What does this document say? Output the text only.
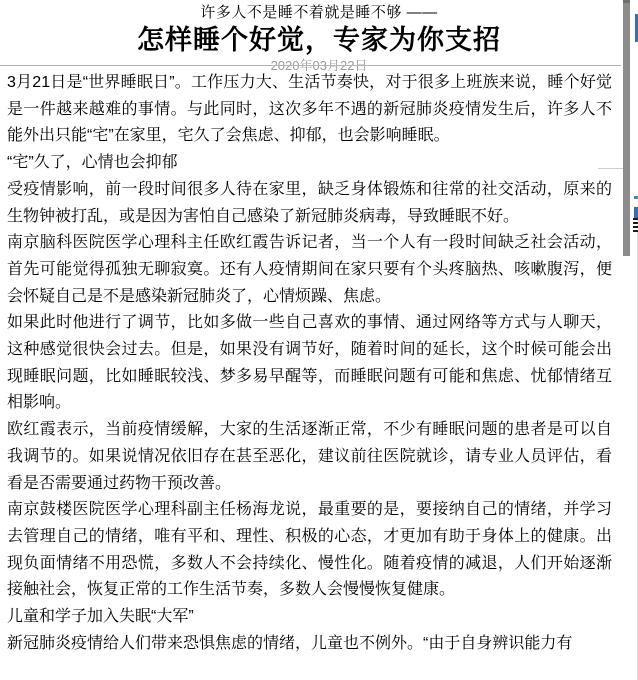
许多人不是睡不着就是睡不够 ——
怎样睡个好觉，专家为你支招
2020年03月22日

3月21日是“世界睡眠日”。工作压力大、生活节奏快，对于很多上班族来说，睡个好觉是一件越来越难的事情。与此同时，这次多年不遇的新冠肺炎疫情发生后，许多人不能外出只能“宅”在家里，宅久了会焦虑、抑郁，也会影响睡眠。

“宅”久了，心情也会抑郁

受疫情影响，前一段时间很多人待在家里，缺乏身体锻炼和往常的社交活动，原来的生物钟被打乱，或是因为害怕自己感染了新冠肺炎病毒，导致睡眠不好。

南京脑科医院医学心理科主任欧红霞告诉记者，当一个人有一段时间缺乏社会活动，首先可能觉得孤独无聊寂寞。还有人疫情期间在家只要有个头疼脑热、咳嗽腹泻，便会怀疑自己是不是感染新冠肺炎了，心情烦躁、焦虑。

如果此时他进行了调节，比如多做一些自己喜欢的事情、通过网络等方式与人聊天，这种感觉很快会过去。但是，如果没有调节好，随着时间的延长，这个时候可能会出现睡眠问题，比如睡眠较浅、梦多易早醒等，而睡眠问题有可能和焦虑、忧郁情绪互相影响。

欧红霞表示，当前疫情缓解，大家的生活逐渐正常，不少有睡眠问题的患者是可以自我调节的。如果说情况依旧存在甚至恶化，建议前往医院就诊，请专业人员评估，看看是否需要通过药物干预改善。

南京鼓楼医院医学心理科副主任杨海龙说，最重要的是，要接纳自己的情绪，并学习去管理自己的情绪，唯有平和、理性、积极的心态，才更加有助于身体上的健康。出现负面情绪不用恐慌，多数人不会持续化、慢性化。随着疫情的减退，人们开始逐渐接触社会，恢复正常的工作生活节奏，多数人会慢慢恢复健康。

儿童和学子加入失眠“大军”

新冠肺炎疫情给人们带来恐惧焦虑的情绪，儿童也不例外。“由于自身辨识能力有
